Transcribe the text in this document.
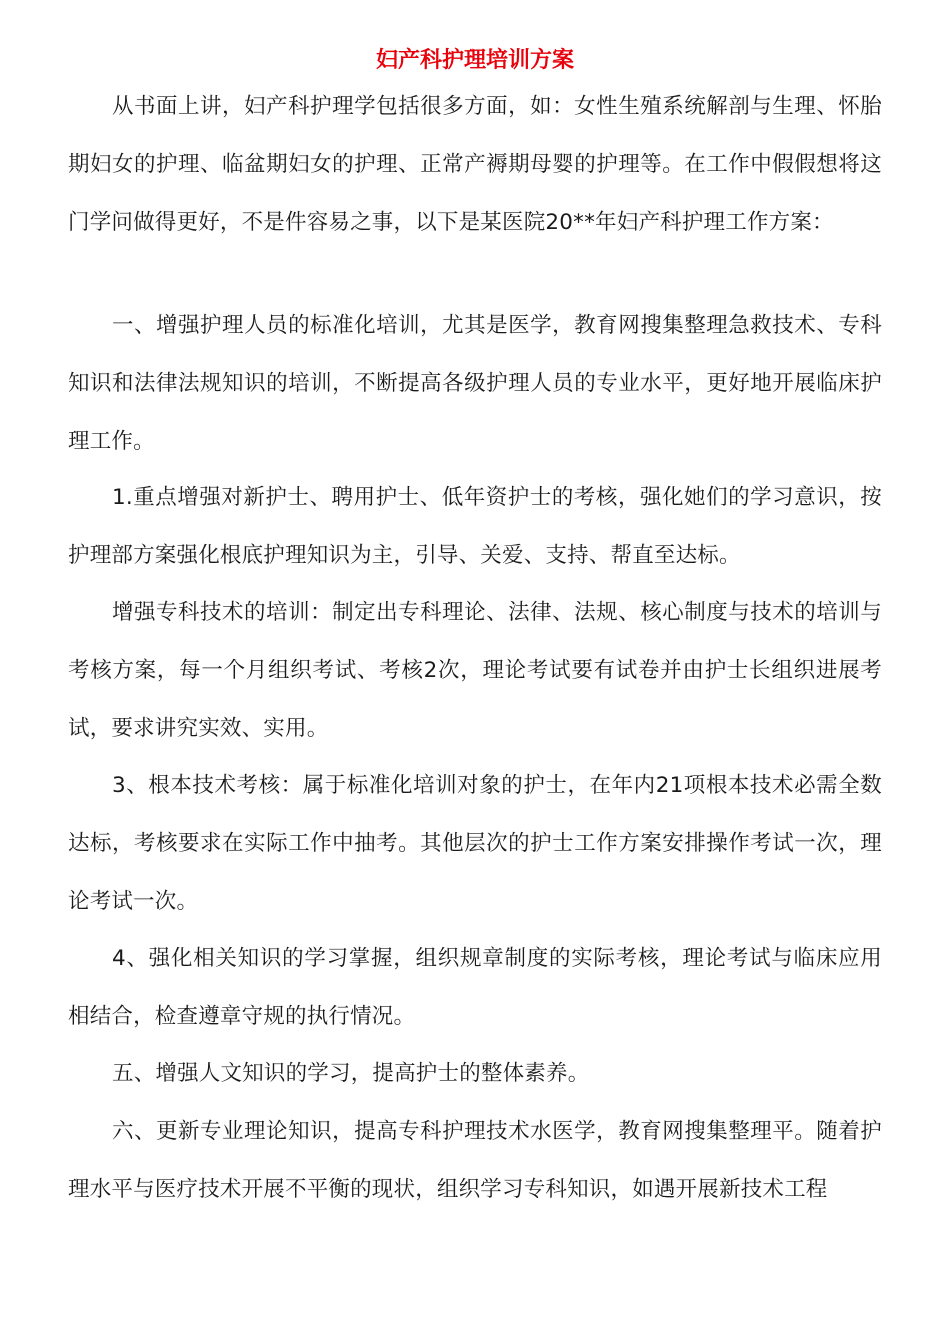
妇产科护理培训方案

从书面上讲，妇产科护理学包括很多方面，如：女性生殖系统解剖与生理、怀胎期妇女的护理、临盆期妇女的护理、正常产褥期母婴的护理等。在工作中假假想将这门学问做得更好，不是件容易之事，以下是某医院20**年妇产科护理工作方案：

一、增强护理人员的标准化培训，尤其是医学，教育网搜集整理急救技术、专科知识和法律法规知识的培训，不断提高各级护理人员的专业水平，更好地开展临床护理工作。

1.重点增强对新护士、聘用护士、低年资护士的考核，强化她们的学习意识，按护理部方案强化根底护理知识为主，引导、关爱、支持、帮直至达标。

增强专科技术的培训：制定出专科理论、法律、法规、核心制度与技术的培训与考核方案，每一个月组织考试、考核2次，理论考试要有试卷并由护士长组织进展考试，要求讲究实效、实用。

3、根本技术考核：属于标准化培训对象的护士，在年内21项根本技术必需全数达标，考核要求在实际工作中抽考。其他层次的护士工作方案安排操作考试一次，理论考试一次。

4、强化相关知识的学习掌握，组织规章制度的实际考核，理论考试与临床应用相结合，检查遵章守规的执行情况。

五、增强人文知识的学习，提高护士的整体素养。

六、更新专业理论知识，提高专科护理技术水医学，教育网搜集整理平。随着护理水平与医疗技术开展不平衡的现状，组织学习专科知识，如遇开展新技术工程
